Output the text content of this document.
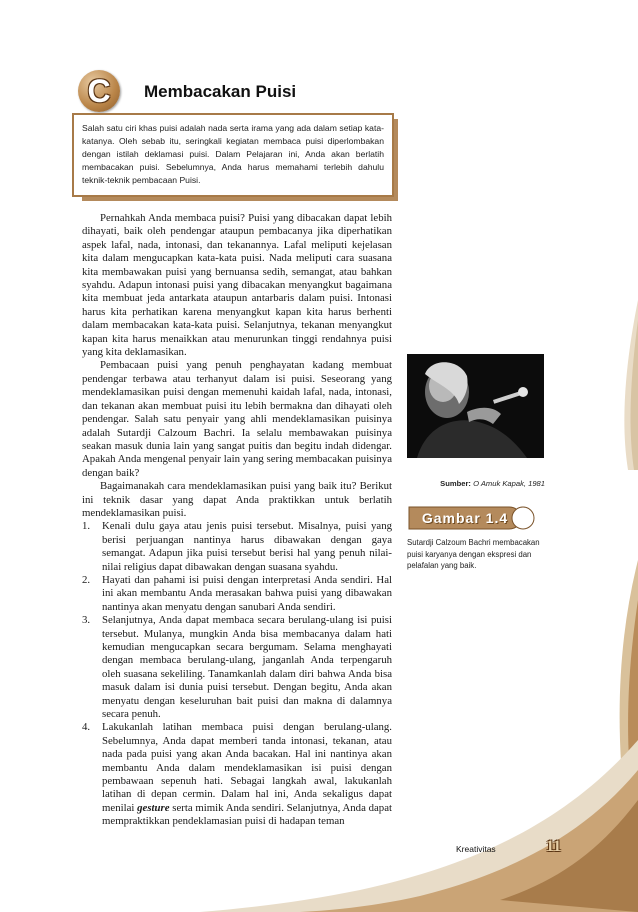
C	Membacakan Puisi
Salah satu ciri khas puisi adalah nada serta irama yang ada dalam setiap kata-katanya. Oleh sebab itu, seringkali kegiatan membaca puisi diperlombakan dengan istilah deklamasi puisi. Dalam Pelajaran ini, Anda akan berlatih membacakan puisi. Sebelumnya, Anda harus memahami terlebih dahulu teknik-teknik pembacaan Puisi.

Pernahkah Anda membaca puisi? Puisi yang dibacakan dapat lebih dihayati, baik oleh pendengar ataupun pembacanya jika diperhatikan aspek lafal, nada, intonasi, dan tekanannya. Lafal meliputi kejelasan kita dalam mengucapkan kata-kata puisi. Nada meliputi cara suasana kita membawakan puisi yang bernuansa sedih, semangat, atau bahkan syahdu. Adapun intonasi puisi yang dibacakan menyangkut bagaimana kita membuat jeda antarkata ataupun antarbaris dalam puisi. Intonasi harus kita perhatikan karena menyangkut kapan kita harus berhenti dalam membacakan kata-kata puisi. Selanjutnya, tekanan menyangkut kapan kita harus menaikkan atau menurunkan tinggi rendahnya puisi yang kita deklamasikan.

Pembacaan puisi yang penuh penghayatan kadang membuat pendengar terbawa atau terhanyut dalam isi puisi. Seseorang yang mendeklamasikan puisi dengan memenuhi kaidah lafal, nada, intonasi, dan tekanan akan membuat puisi itu lebih bermakna dan dihayati oleh pendengar. Salah satu penyair yang ahli mendeklamasikan puisinya adalah Sutardji Calzoum Bachri. Ia selalu membawakan puisinya seakan masuk dunia lain yang sangat puitis dan begitu indah didengar. Apakah Anda mengenal penyair lain yang sering membacakan puisinya dengan baik?

Bagaimanakah cara mendeklamasikan puisi yang baik itu? Berikut ini teknik dasar yang dapat Anda praktikkan untuk berlatih mendeklamasikan puisi.

1. Kenali dulu gaya atau jenis puisi tersebut. Misalnya, puisi yang berisi perjuangan nantinya harus dibawakan dengan gaya semangat. Adapun jika puisi tersebut berisi hal yang penuh nilai-nilai religius dapat dibawakan dengan suasana syahdu.
2. Hayati dan pahami isi puisi dengan interpretasi Anda sendiri. Hal ini akan membantu Anda merasakan bahwa puisi yang dibawakan nantinya akan menyatu dengan sanubari Anda sendiri.
3. Selanjutnya, Anda dapat membaca secara berulang-ulang isi puisi tersebut. Mulanya, mungkin Anda bisa membacanya dalam hati kemudian mengucapkan secara bergumam. Selama menghayati dengan membaca berulang-ulang, janganlah Anda terpengaruh oleh suasana sekeliling. Tanamkanlah dalam diri bahwa Anda bisa masuk dalam isi dunia puisi tersebut. Dengan begitu, Anda akan menyatu dengan keseluruhan bait puisi dan makna di dalamnya secara penuh.
4. Lakukanlah latihan membaca puisi dengan berulang-ulang. Sebelumnya, Anda dapat memberi tanda intonasi, tekanan, atau nada pada puisi yang akan Anda bacakan. Hal ini nantinya akan membantu Anda dalam mendeklamasikan isi puisi dengan pembawaan sepenuh hati. Sebagai langkah awal, lakukanlah latihan di depan cermin. Dalam hal ini, Anda sekaligus dapat menilai gesture serta mimik Anda sendiri. Selanjutnya, Anda dapat mempraktikkan pendeklamasian puisi di hadapan teman
Sumber: O Amuk Kapak, 1981
Gambar 1.4
Sutardji Calzoum Bachri membacakan puisi karyanya dengan ekspresi dan pelafalan yang baik.
Kreativitas	11
